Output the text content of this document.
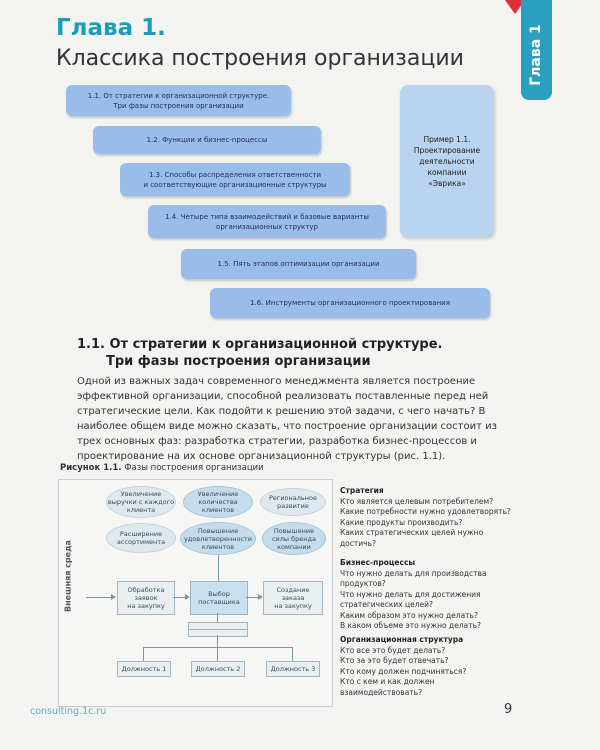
Глава 1
Глава 1.
Классика построения организации
1.1. От стратегии к организационной структуре.
Три фазы построения организации
1.2. Функции и бизнес-процессы
1.3. Способы распределения ответственности
и соответствующие организационные структуры
1.4. Четыре типа взаимодействий и базовые варианты
организационных структур
1.5. Пять этапов оптимизации организации
1.6. Инструменты организационного проектирования
Пример 1.1.
Проектирование
деятельности
компании
«Эврика»
1.1. От стратегии к организационной структуре.
Три фазы построения организации
Одной из важных задач современного менеджмента является построение эффективной организации, способной реализовать поставленные перед ней стратегические цели. Как подойти к решению этой задачи, с чего начать? В наиболее общем виде можно сказать, что построение организации состоит из трех основных фаз: разработка стратегии, разработка бизнес-процессов и проектирование на их основе организационной структуры (рис. 1.1).
Рисунок 1.1. Фазы построения организации
Внешняя среда
Увеличение
выручки с каждого
клиента
Увеличение
количества
клиентов
Региональное
развитие
Расширение
ассортимента
Повышение
удовлетворенности
клиентов
Повышение
силы бренда
компании
Обработка
заявок
на закупку
Выбор
поставщика
Создание
заказа
на закупку
Должность 1	Должность 2	Должность 3
Стратегия
Кто является целевым потребителем?
Какие потребности нужно удовлетворять?
Какие продукты производить?
Каких стратегических целей нужно достичь?
Бизнес-процессы
Что нужно делать для производства продуктов?
Что нужно делать для достижения
стратегических целей?
Каким образом это нужно делать?
В каком объеме это нужно делать?
Организационная структура
Кто все это будет делать?
Кто за это будет отвечать?
Кто кому должен подчиняться?
Кто с кем и как должен взаимодействовать?
consulting.1c.ru	9
